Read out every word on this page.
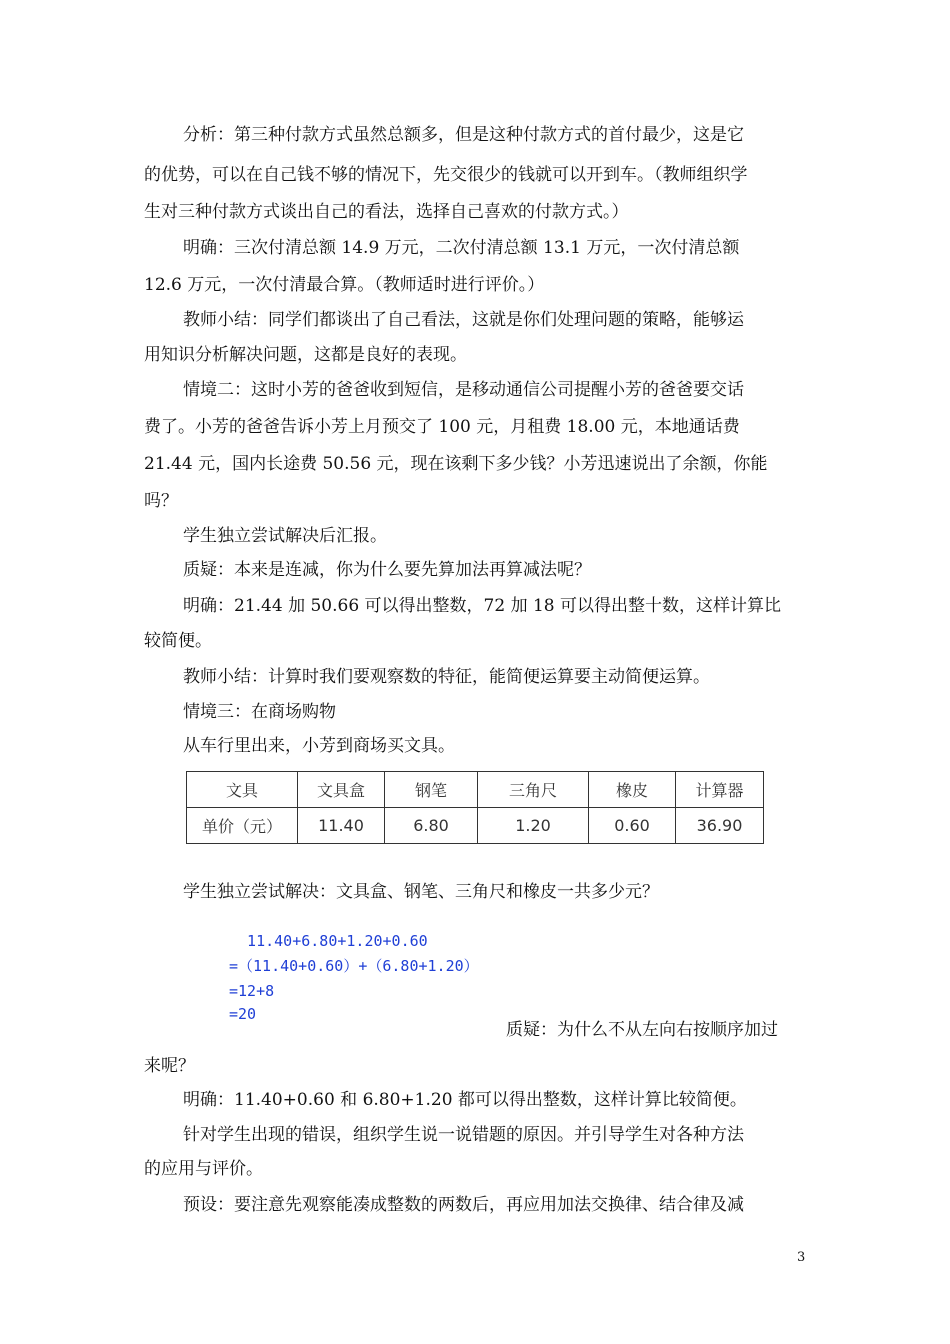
分析：第三种付款方式虽然总额多，但是这种付款方式的首付最少，这是它
的优势，可以在自己钱不够的情况下，先交很少的钱就可以开到车。（教师组织学
生对三种付款方式谈出自己的看法，选择自己喜欢的付款方式。）
明确：三次付清总额 14.9 万元，二次付清总额 13.1 万元，一次付清总额
12.6 万元，一次付清最合算。（教师适时进行评价。）
教师小结：同学们都谈出了自己看法，这就是你们处理问题的策略，能够运
用知识分析解决问题，这都是良好的表现。
情境二：这时小芳的爸爸收到短信，是移动通信公司提醒小芳的爸爸要交话
费了。小芳的爸爸告诉小芳上月预交了 100 元，月租费 18.00 元，本地通话费
21.44 元，国内长途费 50.56 元，现在该剩下多少钱？小芳迅速说出了余额，你能
吗？
学生独立尝试解决后汇报。
质疑：本来是连减，你为什么要先算加法再算减法呢？
明确：21.44 加 50.66 可以得出整数，72 加 18 可以得出整十数，这样计算比
较简便。
教师小结：计算时我们要观察数的特征，能简便运算要主动简便运算。
情境三：在商场购物
从车行里出来，小芳到商场买文具。
文具	文具盒	钢笔	三角尺	橡皮	计算器
单价（元）	11.40	6.80	1.20	0.60	36.90
学生独立尝试解决：文具盒、钢笔、三角尺和橡皮一共多少元？
11.40+6.80+1.20+0.60
=（11.40+0.60）+（6.80+1.20）
=12+8
=20
质疑：为什么不从左向右按顺序加过
来呢？
明确：11.40+0.60 和 6.80+1.20 都可以得出整数，这样计算比较简便。
针对学生出现的错误，组织学生说一说错题的原因。并引导学生对各种方法
的应用与评价。
预设：要注意先观察能凑成整数的两数后，再应用加法交换律、结合律及减
3
